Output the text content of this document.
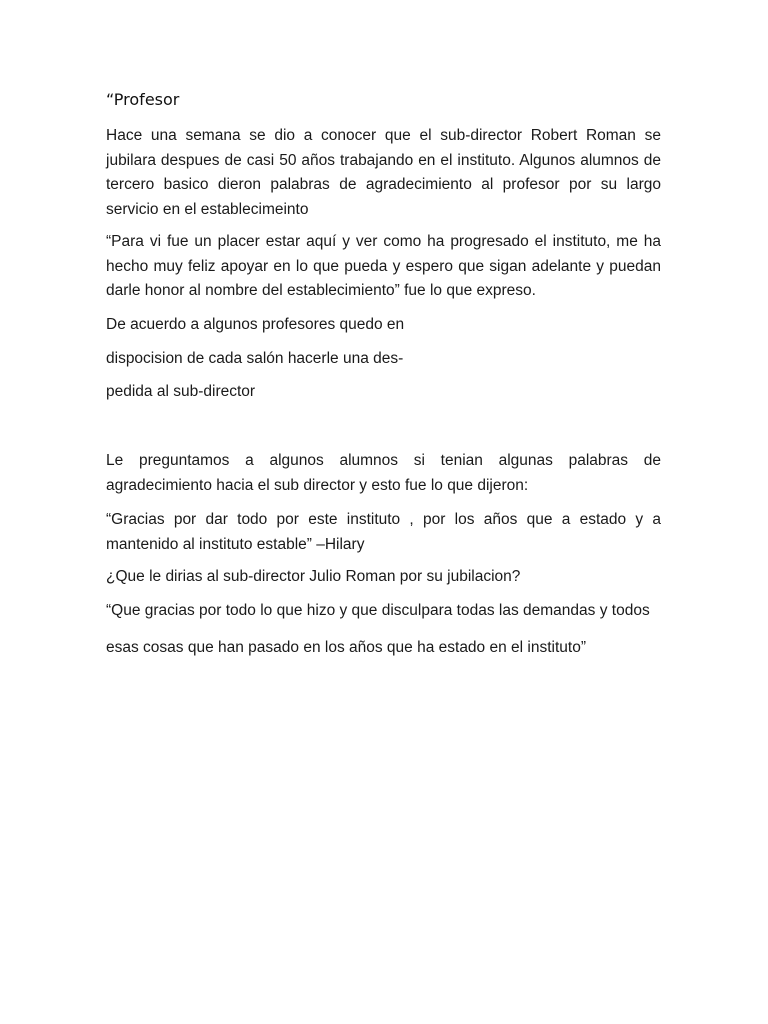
“Profesor

Hace una semana se dio a conocer que el sub-director Robert Roman se jubilara despues de casi 50 años trabajando en el instituto. Algunos alumnos de tercero basico dieron palabras de agradecimiento al profesor por su largo servicio en el establecimeinto

“Para vi fue un placer estar aquí y ver como ha progresado el instituto, me ha hecho muy feliz apoyar en lo que pueda y espero que sigan adelante y puedan darle honor al nombre del establecimiento” fue lo que expreso.

De acuerdo a algunos profesores quedo en

dispocision de cada salón hacerle una des-

pedida al sub-director

Le preguntamos a algunos alumnos si tenian algunas palabras de agradecimiento hacia el sub director y esto fue lo que dijeron:

“Gracias por dar todo por este instituto , por los años que a estado y a mantenido al instituto estable” –Hilary

¿Que le dirias al sub-director Julio Roman por su jubilacion?

“Que gracias por todo lo que hizo y que disculpara todas las demandas y todos

esas cosas que han pasado en los años que ha estado en el instituto”
